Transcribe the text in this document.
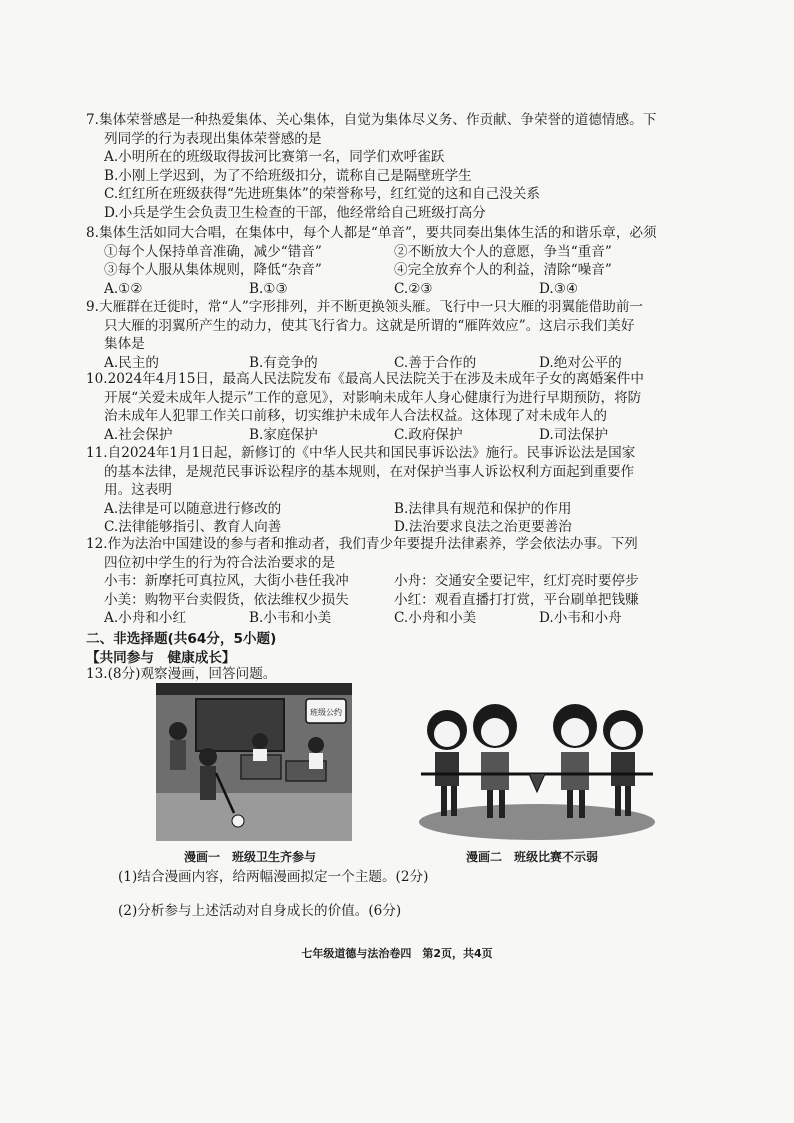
7.集体荣誉感是一种热爱集体、关心集体，自觉为集体尽义务、作贡献、争荣誉的道德情感。下
列同学的行为表现出集体荣誉感的是
A.小明所在的班级取得拔河比赛第一名，同学们欢呼雀跃
B.小刚上学迟到，为了不给班级扣分，谎称自己是隔壁班学生
C.红红所在班级获得“先进班集体”的荣誉称号，红红觉的这和自己没关系
D.小兵是学生会负责卫生检查的干部，他经常给自己班级打高分
8.集体生活如同大合唱，在集体中，每个人都是“单音”，要共同奏出集体生活的和谐乐章，必须
①每个人保持单音准确，减少“错音”	②不断放大个人的意愿，争当“重音”
③每个人服从集体规则，降低“杂音”	④完全放弃个人的利益，清除“噪音”
A.①②	B.①③	C.②③	D.③④
9.大雁群在迁徙时，常“人”字形排列，并不断更换领头雁。飞行中一只大雁的羽翼能借助前一
只大雁的羽翼所产生的动力，使其飞行省力。这就是所谓的“雁阵效应”。这启示我们美好
集体是
A.民主的	B.有竞争的	C.善于合作的	D.绝对公平的
10.2024年4月15日，最高人民法院发布《最高人民法院关于在涉及未成年子女的离婚案件中
开展“关爱未成年人提示”工作的意见》，对影响未成年人身心健康行为进行早期预防，将防
治未成年人犯罪工作关口前移，切实维护未成年人合法权益。这体现了对未成年人的
A.社会保护	B.家庭保护	C.政府保护	D.司法保护
11.自2024年1月1日起，新修订的《中华人民共和国民事诉讼法》施行。民事诉讼法是国家
的基本法律，是规范民事诉讼程序的基本规则，在对保护当事人诉讼权利方面起到重要作
用。这表明
A.法律是可以随意进行修改的	B.法律具有规范和保护的作用
C.法律能够指引、教育人向善	D.法治要求良法之治更要善治
12.作为法治中国建设的参与者和推动者，我们青少年要提升法律素养，学会依法办事。下列
四位初中学生的行为符合法治要求的是
小韦：新摩托可真拉风，大街小巷任我冲	小舟：交通安全要记牢，红灯亮时要停步
小美：购物平台卖假货，依法维权少损失	小红：观看直播打打赏，平台刷单把钱赚
A.小舟和小红	B.小韦和小美	C.小舟和小美	D.小韦和小舟
二、非选择题(共64分，5小题)
【共同参与　健康成长】
13.(8分)观察漫画，回答问题。
班级公约
漫画一　班级卫生齐参与	漫画二　班级比赛不示弱
(1)结合漫画内容，给两幅漫画拟定一个主题。(2分)
(2)分析参与上述活动对自身成长的价值。(6分)
七年级道德与法治卷四　第2页，共4页
